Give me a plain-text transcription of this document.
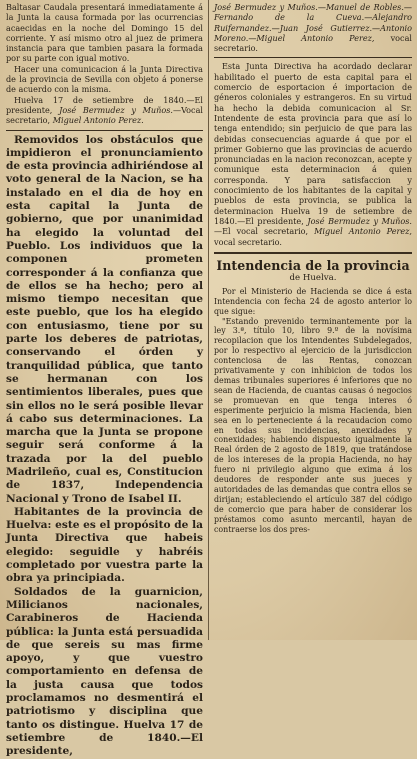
Baltasar Caudala presentará inmediatamente á la Junta la causa formada por las ocurrencias acaecidas en la noche del Domingo 15 del corriente. Y así mismo otro al juez de primera instancia para que tambien pasara la formada por su parte con igual motivo.

Hacer una comunicacion á la Junta Directiva de la provincia de Sevilla con objeto á ponerse de acuerdo con la misma.

Huelva 17 de setiembre de 1840.—El presidente, José Bermudez y Muños.—Vocal secretario, Miguel Antonio Perez.

Removidos los obstáculos que impidieron el pronunciamiento de esta provincia adhiriéndose al voto general de la Nacion, se ha instalado en el dia de hoy en esta capital la Junta de gobierno, que por unanimidad ha elegido la voluntad del Pueblo. Los individuos que la componen prometen corresponder á la confianza que de ellos se ha hecho; pero al mismo tiempo necesitan que este pueblo, que los ha elegido con entusiasmo, tiene por su parte los deberes de patriotas, conservando el órden y tranquilidad pública, que tanto se hermanan con los sentimientos liberales, pues que sin ellos no le será posible llevar á cabo sus determinaciones. La marcha que la Junta se propone seguir será conforme á la trazada por la del pueblo Madrileño, cual es, Constitucion de 1837, Independencia Nacional y Trono de Isabel II.

Habitantes de la provincia de Huelva: este es el propósito de la Junta Directiva que habeis elegido: seguidle y habréis completado por vuestra parte la obra ya principiada.

Soldados de la guarnicion, Milicianos nacionales, Carabineros de Hacienda pública: la Junta está persuadida de que sereis su mas firme apoyo, y que vuestro comportamiento en defensa de la justa causa que todos proclamamos no desmentirá el patriotismo y disciplina que tanto os distingue. Huelva 17 de setiembre de 1840.—El presidente,

José Bermudez y Muños.—Manuel de Robles.—Fernando de la Cueva.—Alejandro Ruifernandez.—Juan José Gutierrez.—Antonio Moreno.—Miguel Antonio Perez, vocal secretario.

Esta Junta Directiva ha acordado declarar habilitado el puerto de esta capital para el comercio de esportacion é importacion de géneros coloniales y estrangeros. En su virtud ha hecho la debida comunicacion al Sr. Intendente de esta provincia para que así lo tenga entendido; sin perjuicio de que para las debidas consecuencias aguarde á que por el primer Gobierno que las provincias de acuerdo pronunciadas en la nacion reconozcan, acepte y comunique esta determinacion á quien corresponda. Y para satisfaccion y conocimiento de los habitantes de la capital y pueblos de esta provincia, se publica la determinacion Huelva 19 de setiembre de 1840.—El presidente, José Bermudez y Muños.—El vocal secretario, Miguel Antonio Perez, vocal secretario.

Intendencia de la provincia
de Huelva.

Por el Ministerio de Hacienda se dice á esta Intendencia con fecha 24 de agosto anterior lo que sigue:

"Estando prevenido terminantemente por la ley 3.ª, título 10, libro 9.º de la novísima recopilacion que los Intendentes Subdelegados, por lo respectivo al ejercicio de la jurisdiccion contenciosa de las Rentas, conozcan privativamente y con inhibicion de todos los demas tribunales superiores é inferiores que no sean de Hacienda, de cuantas causas ó negocios se promuevan en que tenga interes ó esperimente perjuicio la misma Hacienda, bien sea en lo perteneciente á la recaudacion como en todas sus incidencias, anexidades y conexidades; habiendo dispuesto igualmente la Real órden de 2 agosto de 1819, que tratándose de los intereses de la propia Hacienda, no hay fuero ni privilegio alguno que exima á los deudores de responder ante sus jueces y autoridades de las demandas que contra ellos se dirijan; estableciendo el artículo 387 del código de comercio que para haber de considerar los préstamos como asunto mercantil, hayan de contraerse los dos pres-
